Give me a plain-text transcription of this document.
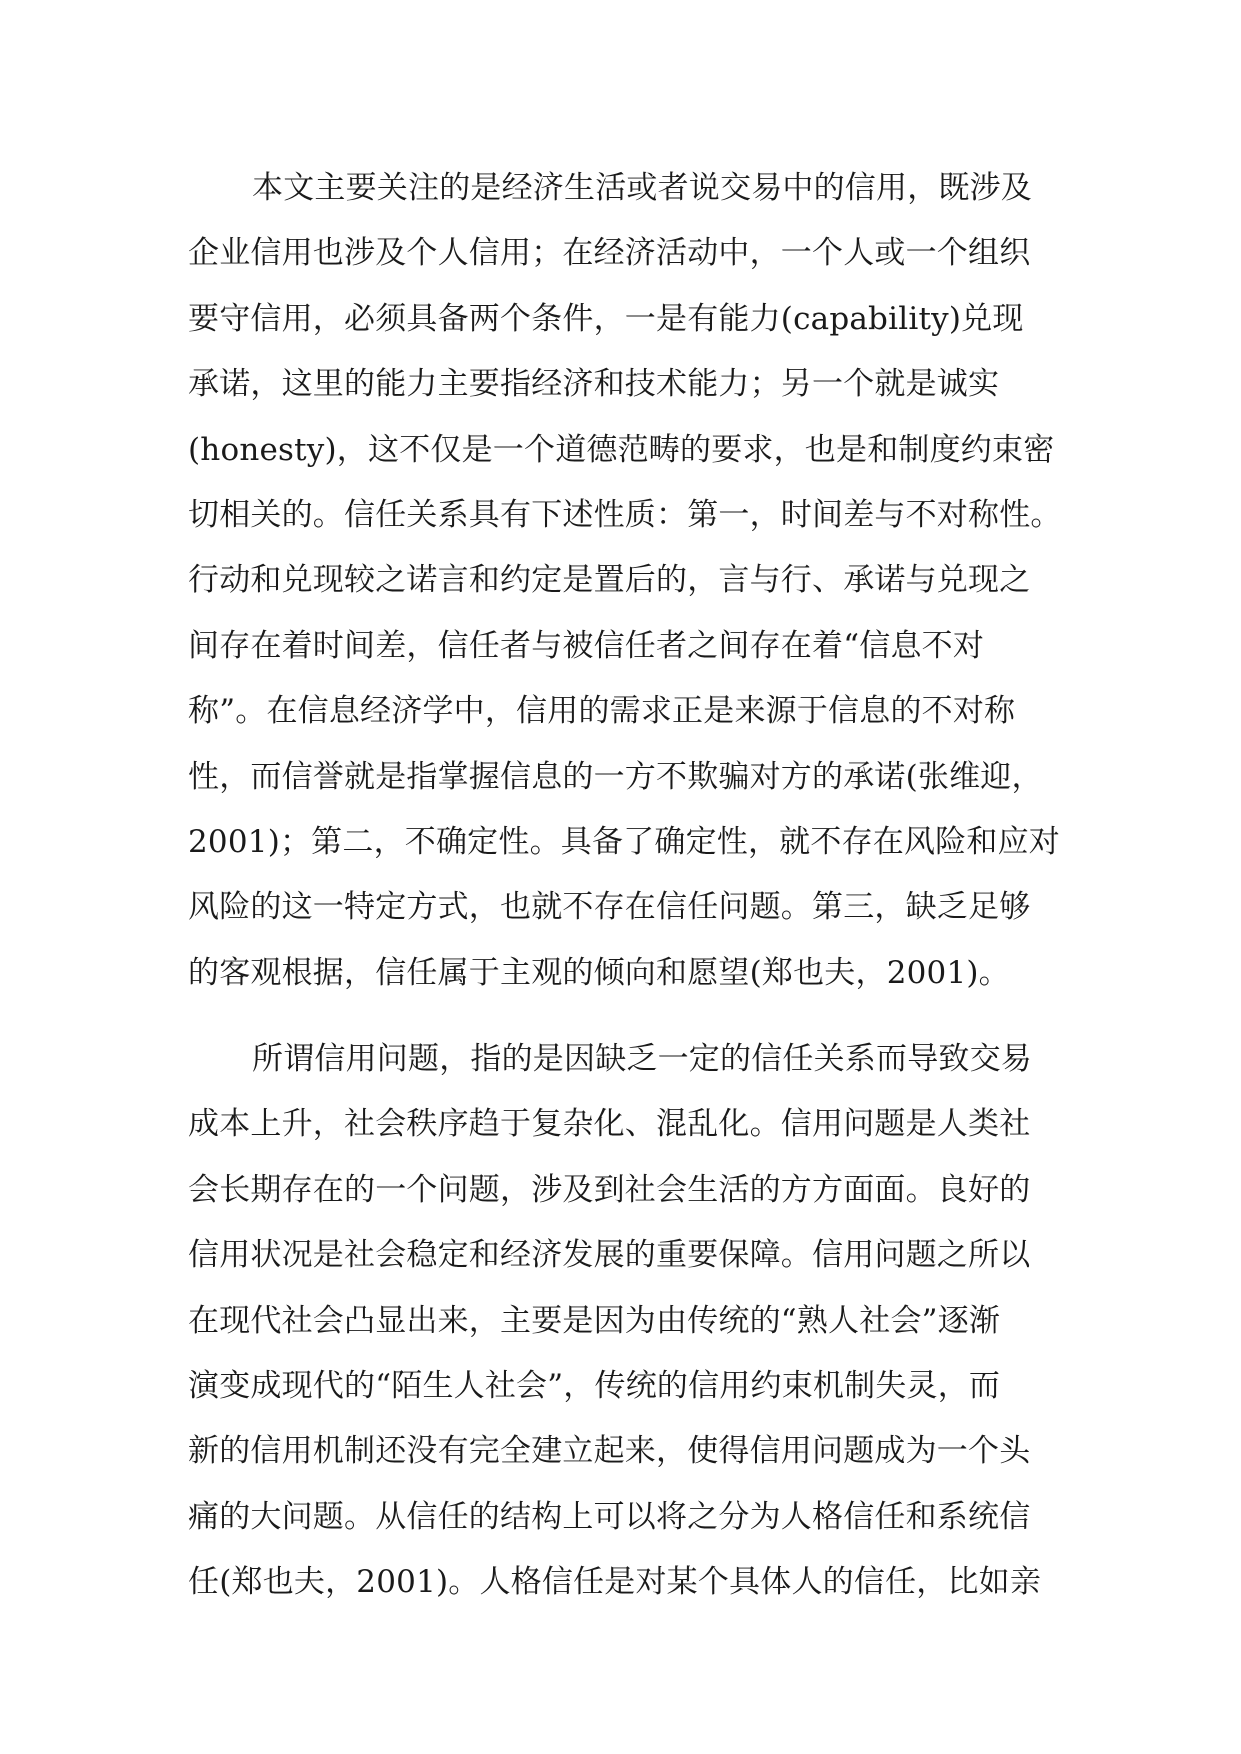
本文主要关注的是经济生活或者说交易中的信用，既涉及
企业信用也涉及个人信用；在经济活动中，一个人或一个组织
要守信用，必须具备两个条件，一是有能力(capability)兑现
承诺，这里的能力主要指经济和技术能力；另一个就是诚实
(honesty)，这不仅是一个道德范畴的要求，也是和制度约束密
切相关的。信任关系具有下述性质：第一，时间差与不对称性。
行动和兑现较之诺言和约定是置后的，言与行、承诺与兑现之
间存在着时间差，信任者与被信任者之间存在着“信息不对
称”。在信息经济学中，信用的需求正是来源于信息的不对称
性，而信誉就是指掌握信息的一方不欺骗对方的承诺(张维迎，
2001)；第二，不确定性。具备了确定性，就不存在风险和应对
风险的这一特定方式，也就不存在信任问题。第三，缺乏足够
的客观根据，信任属于主观的倾向和愿望(郑也夫，2001)。
所谓信用问题，指的是因缺乏一定的信任关系而导致交易
成本上升，社会秩序趋于复杂化、混乱化。信用问题是人类社
会长期存在的一个问题，涉及到社会生活的方方面面。良好的
信用状况是社会稳定和经济发展的重要保障。信用问题之所以
在现代社会凸显出来，主要是因为由传统的“熟人社会”逐渐
演变成现代的“陌生人社会”，传统的信用约束机制失灵，而
新的信用机制还没有完全建立起来，使得信用问题成为一个头
痛的大问题。从信任的结构上可以将之分为人格信任和系统信
任(郑也夫，2001)。人格信任是对某个具体人的信任，比如亲
